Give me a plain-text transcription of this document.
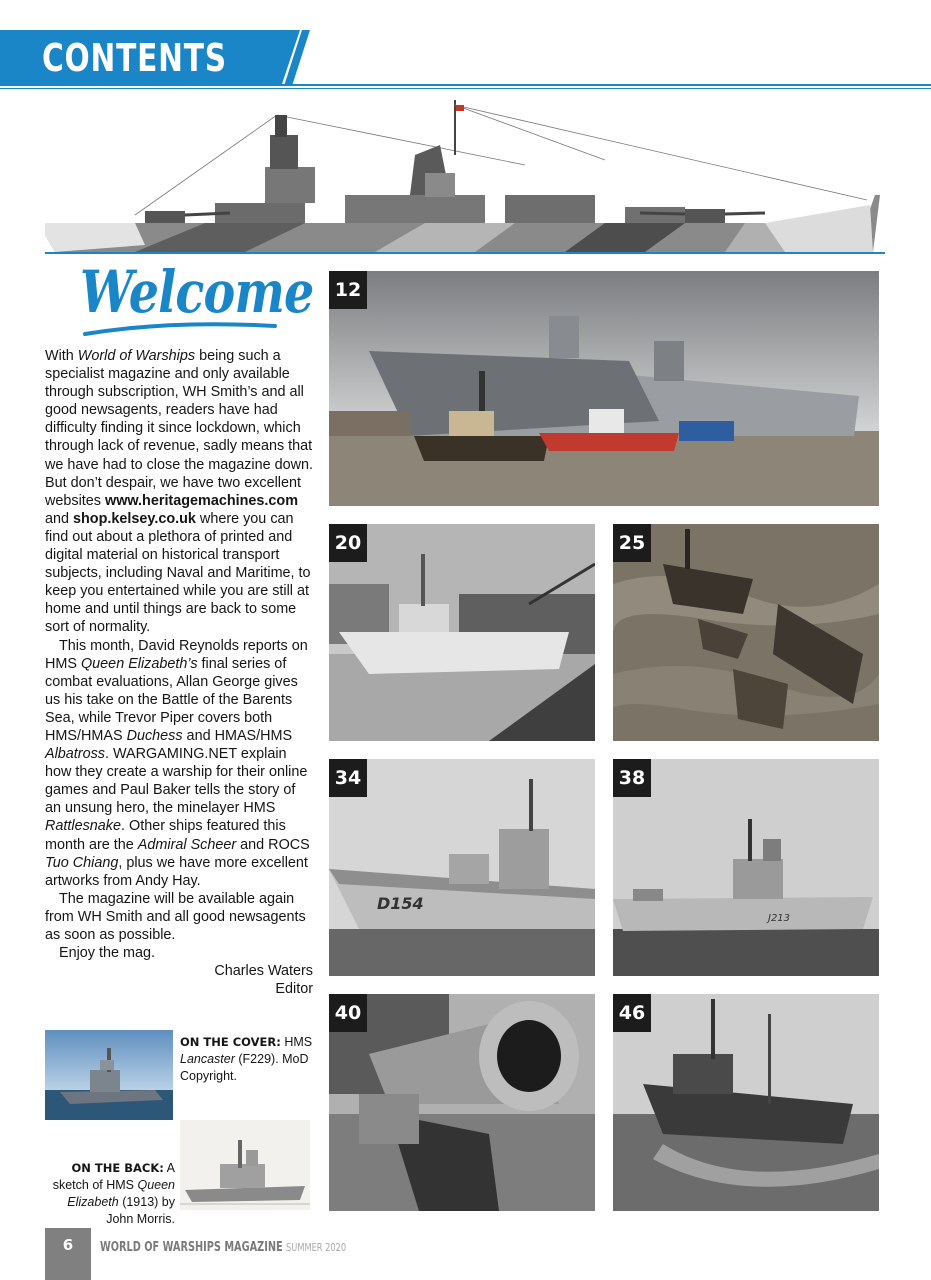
CONTENTS
Welcome

With World of Warships being such a specialist magazine and only available through subscription, WH Smith’s and all good newsagents, readers have had difficulty finding it since lockdown, which through lack of revenue, sadly means that we have had to close the magazine down. But don’t despair, we have two excellent websites www.heritagemachines.com and shop.kelsey.co.uk where you can find out about a plethora of printed and digital material on historical transport subjects, including Naval and Maritime, to keep you entertained while you are still at home and until things are back to some sort of normality.

This month, David Reynolds reports on HMS Queen Elizabeth’s final series of combat evaluations, Allan George gives us his take on the Battle of the Barents Sea, while Trevor Piper covers both HMS/HMAS Duchess and HMAS/HMS Albatross. WARGAMING.NET explain how they create a warship for their online games and Paul Baker tells the story of an unsung hero, the minelayer HMS Rattlesnake. Other ships featured this month are the Admiral Scheer and ROCS Tuo Chiang, plus we have more excellent artworks from Andy Hay.

The magazine will be available again from WH Smith and all good newsagents as soon as possible.

Enjoy the mag.

Charles Waters

Editor

ON THE COVER: HMS Lancaster (F229). MoD Copyright.
ON THE BACK: A sketch of HMS Queen Elizabeth (1913) by John Morris.
12
20	25
D154
34
J213
38
40	46
6	WORLD OF WARSHIPS MAGAZINE SUMMER 2020
